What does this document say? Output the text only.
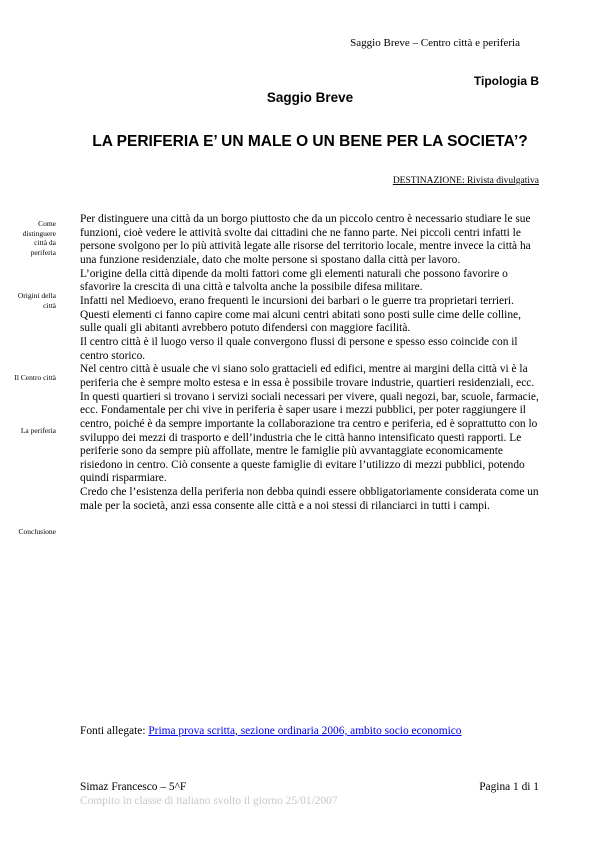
Saggio Breve – Centro città e periferia
Tipologia B
Saggio Breve
LA PERIFERIA E’ UN MALE O UN BENE PER LA SOCIETA’?
DESTINAZIONE: Rivista divulgativa
Come distinguere città da periferia
Origini della città
Il Centro città
La periferia
Conclusione

Per distinguere una città da un borgo piuttosto che da un piccolo centro è necessario studiare le sue funzioni, cioè vedere le attività svolte dai cittadini che ne fanno parte. Nei piccoli centri infatti le persone svolgono per lo più attività legate alle risorse del territorio locale, mentre invece la città ha una funzione residenziale, dato che molte persone si spostano dalla città per lavoro.

L’origine della città dipende da molti fattori come gli elementi naturali che possono favorire o sfavorire la crescita di una città e talvolta anche la possibile difesa militare.

Infatti nel Medioevo, erano frequenti le incursioni dei barbari o le guerre tra proprietari terrieri. Questi elementi ci fanno capire come mai alcuni centri abitati sono posti sulle cime delle colline, sulle quali gli abitanti avrebbero potuto difendersi con maggiore facilità.

Il centro città è il luogo verso il quale convergono flussi di persone e spesso esso coincide con il centro storico.

Nel centro città è usuale che vi siano solo grattacieli ed edifici, mentre ai margini della città vi è la periferia che è sempre molto estesa e in essa è possibile trovare industrie, quartieri residenziali, ecc.

In questi quartieri si trovano i servizi sociali necessari per vivere, quali negozi, bar, scuole, farmacie, ecc. Fondamentale per chi vive in periferia è saper usare i mezzi pubblici, per poter raggiungere il centro, poiché è da sempre importante la collaborazione tra centro e periferia, ed è soprattutto con lo sviluppo dei mezzi di trasporto e dell’industria che le città hanno intensificato questi rapporti. Le periferie sono da sempre più affollate, mentre le famiglie più avvantaggiate economicamente risiedono in centro. Ciò consente a queste famiglie di evitare l’utilizzo di mezzi pubblici, potendo quindi risparmiare.

Credo che l’esistenza della periferia non debba quindi essere obbligatoriamente considerata come un male per la società, anzi essa consente alle città e a noi stessi di rilanciarci in tutti i campi.

Fonti allegate: Prima prova scritta, sezione ordinaria 2006, ambito socio economico
Simaz Francesco – 5^F	Pagina 1 di 1
Compito in classe di italiano svolto il giorno 25/01/2007
